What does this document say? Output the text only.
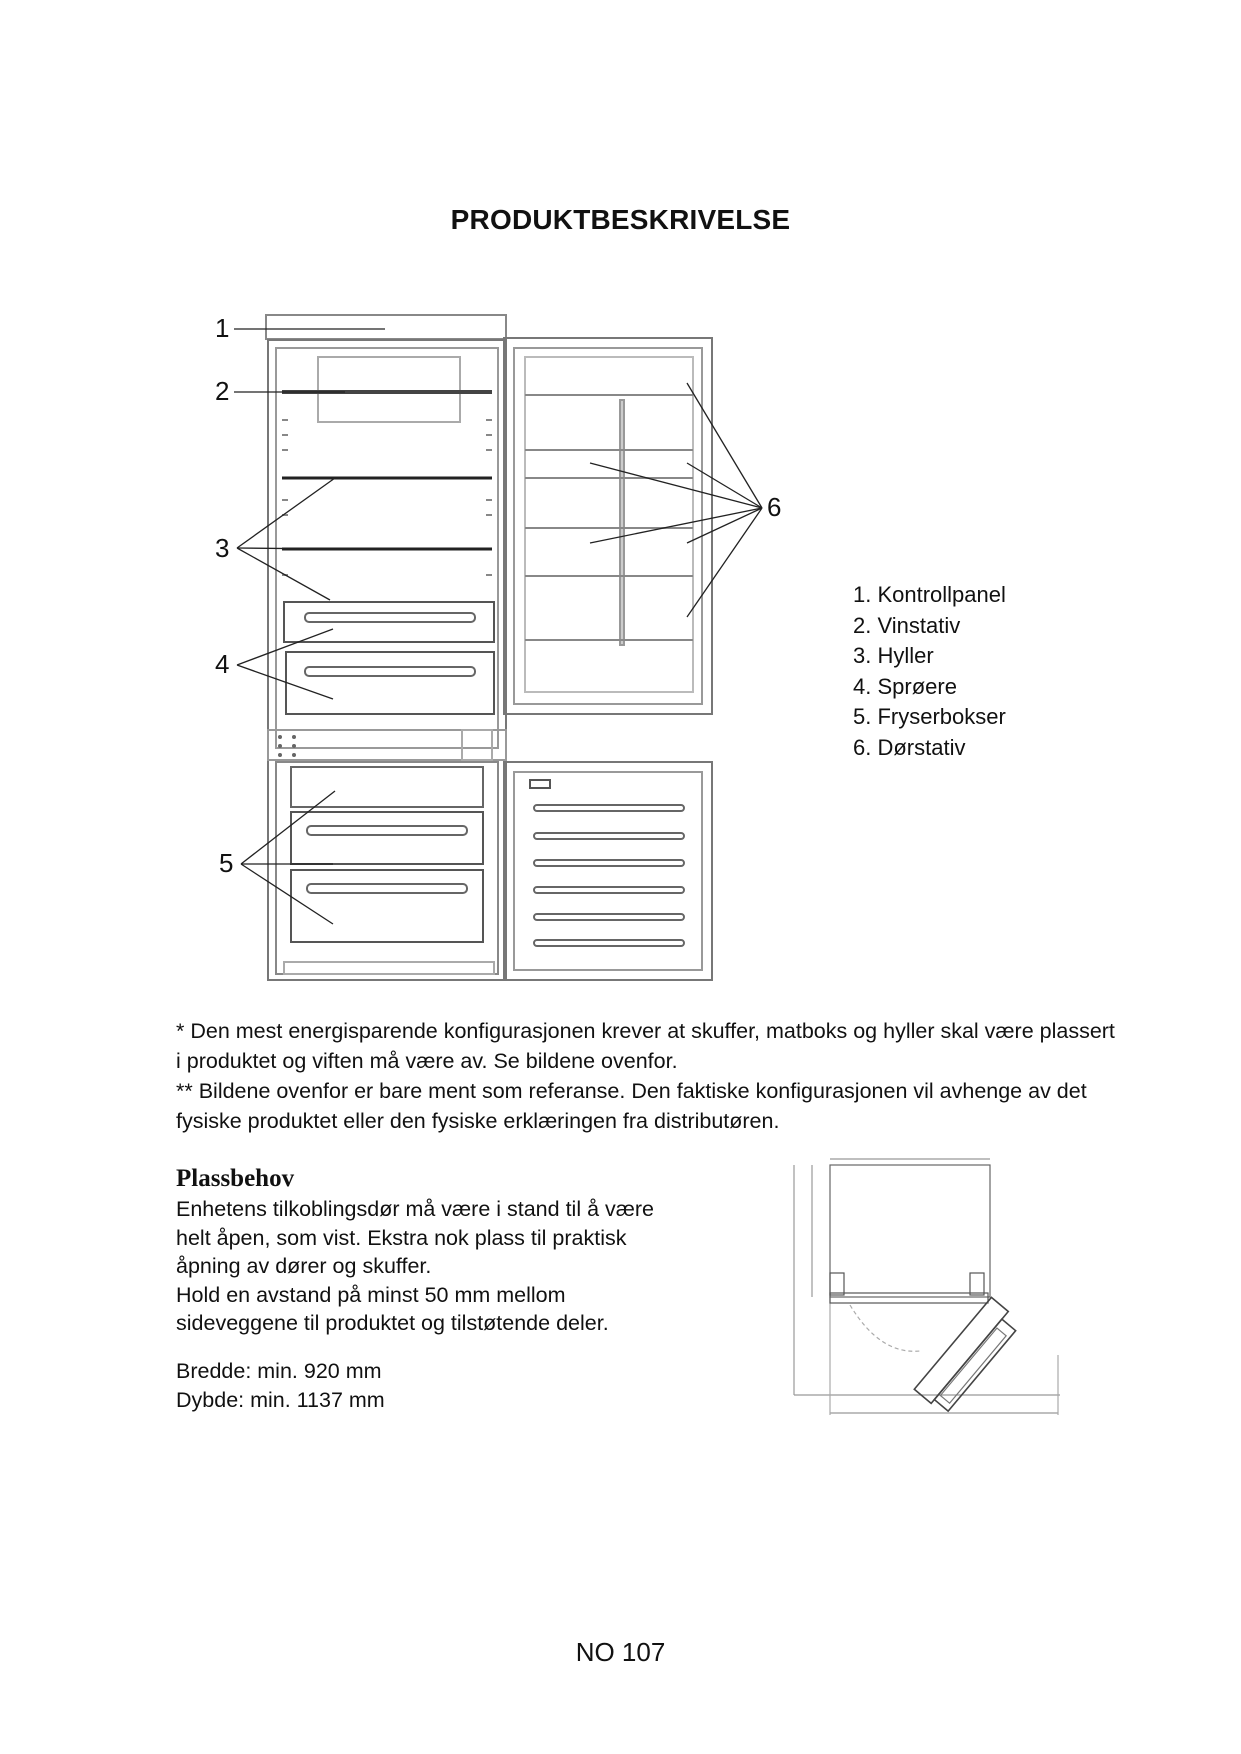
PRODUKTBESKRIVELSE
1
2
3
4
5
6
1. Kontrollpanel
2. Vinstativ
3. Hyller
4. Sprøere
5. Fryserbokser
6. Dørstativ

* Den mest energisparende konfigurasjonen krever at skuffer, matboks og hyller skal være plassert i produktet og viften må være av. Se bildene ovenfor.

** Bildene ovenfor er bare ment som referanse. Den faktiske konfigurasjonen vil avhenge av det fysiske produktet eller den fysiske erklæringen fra distributøren.

Plassbehov

Enhetens tilkoblingsdør må være i stand til å være helt åpen, som vist. Ekstra nok plass til praktisk åpning av dører og skuffer.

Hold en avstand på minst 50 mm mellom sideveggene til produktet og tilstøtende deler.

Bredde: min. 920 mm
Dybde: min. 1137 mm
NO 107
